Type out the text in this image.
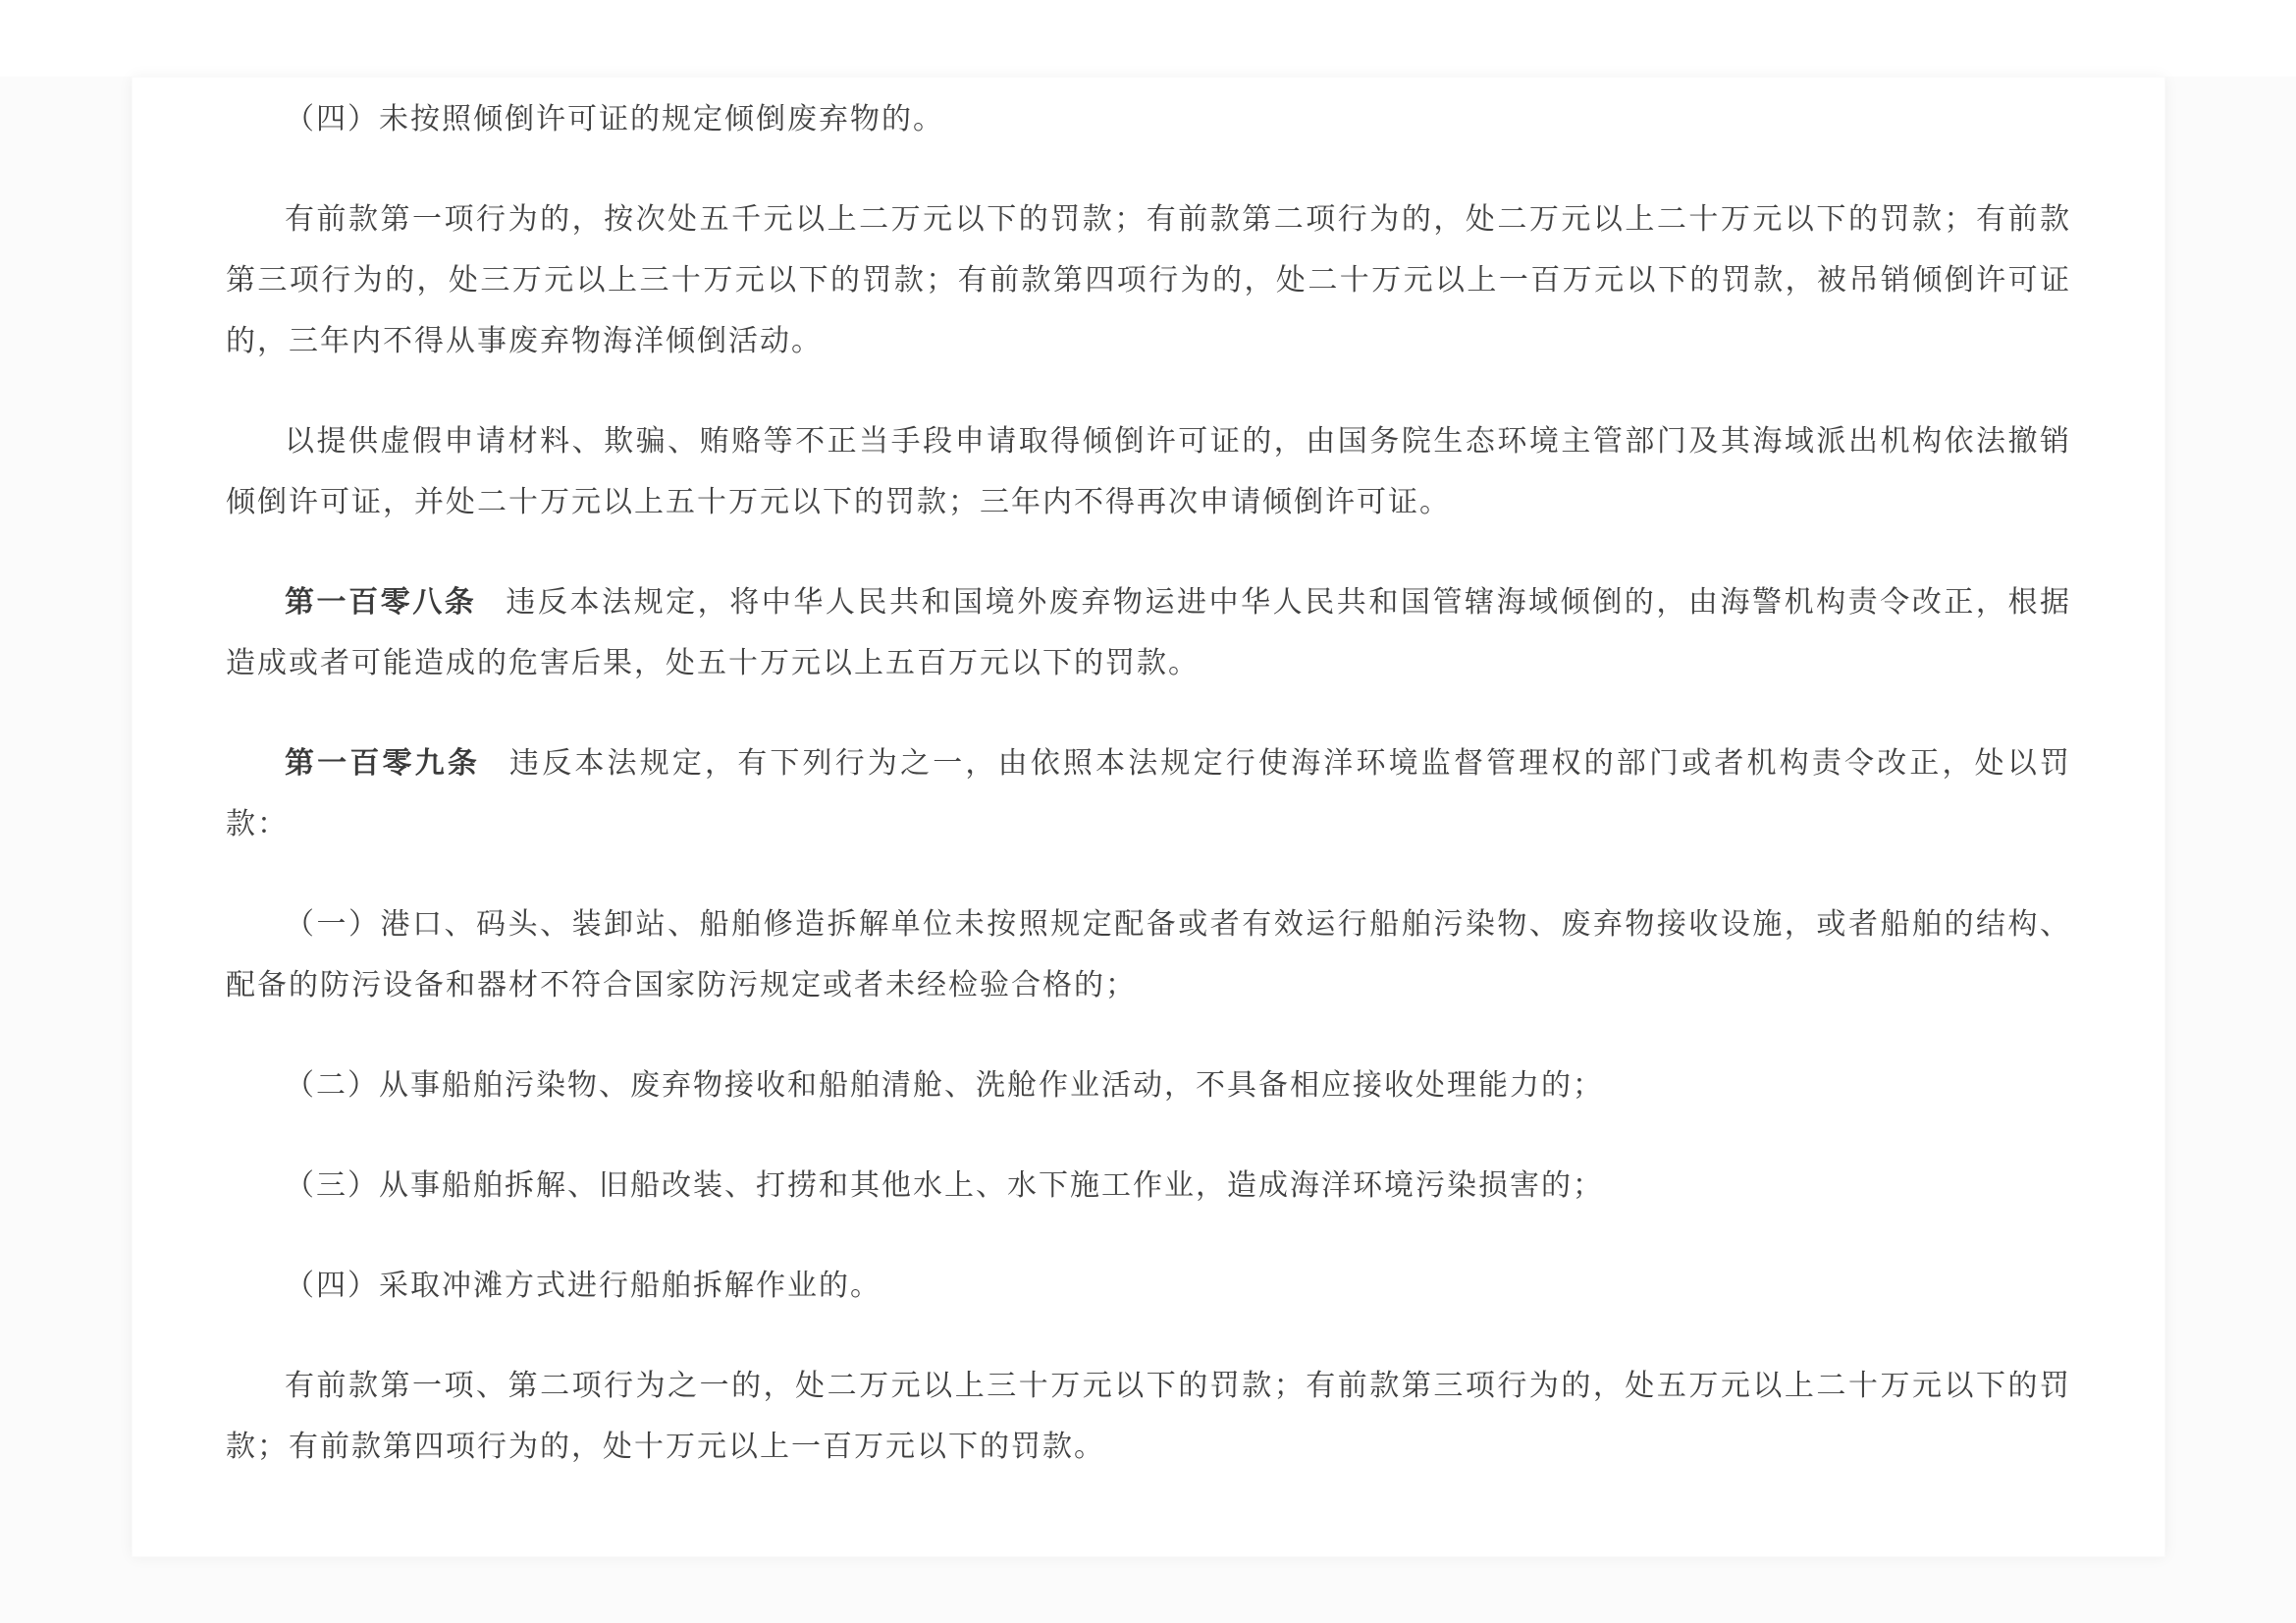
（四）未按照倾倒许可证的规定倾倒废弃物的。

有前款第一项行为的，按次处五千元以上二万元以下的罚款；有前款第二项行为的，处二万元以上二十万元以下的罚款；有前款第三项行为的，处三万元以上三十万元以下的罚款；有前款第四项行为的，处二十万元以上一百万元以下的罚款，被吊销倾倒许可证的，三年内不得从事废弃物海洋倾倒活动。

以提供虚假申请材料、欺骗、贿赂等不正当手段申请取得倾倒许可证的，由国务院生态环境主管部门及其海域派出机构依法撤销倾倒许可证，并处二十万元以上五十万元以下的罚款；三年内不得再次申请倾倒许可证。

第一百零八条 违反本法规定，将中华人民共和国境外废弃物运进中华人民共和国管辖海域倾倒的，由海警机构责令改正，根据造成或者可能造成的危害后果，处五十万元以上五百万元以下的罚款。

第一百零九条 违反本法规定，有下列行为之一，由依照本法规定行使海洋环境监督管理权的部门或者机构责令改正，处以罚款：

（一）港口、码头、装卸站、船舶修造拆解单位未按照规定配备或者有效运行船舶污染物、废弃物接收设施，或者船舶的结构、配备的防污设备和器材不符合国家防污规定或者未经检验合格的；

（二）从事船舶污染物、废弃物接收和船舶清舱、洗舱作业活动，不具备相应接收处理能力的；

（三）从事船舶拆解、旧船改装、打捞和其他水上、水下施工作业，造成海洋环境污染损害的；

（四）采取冲滩方式进行船舶拆解作业的。

有前款第一项、第二项行为之一的，处二万元以上三十万元以下的罚款；有前款第三项行为的，处五万元以上二十万元以下的罚款；有前款第四项行为的，处十万元以上一百万元以下的罚款。
